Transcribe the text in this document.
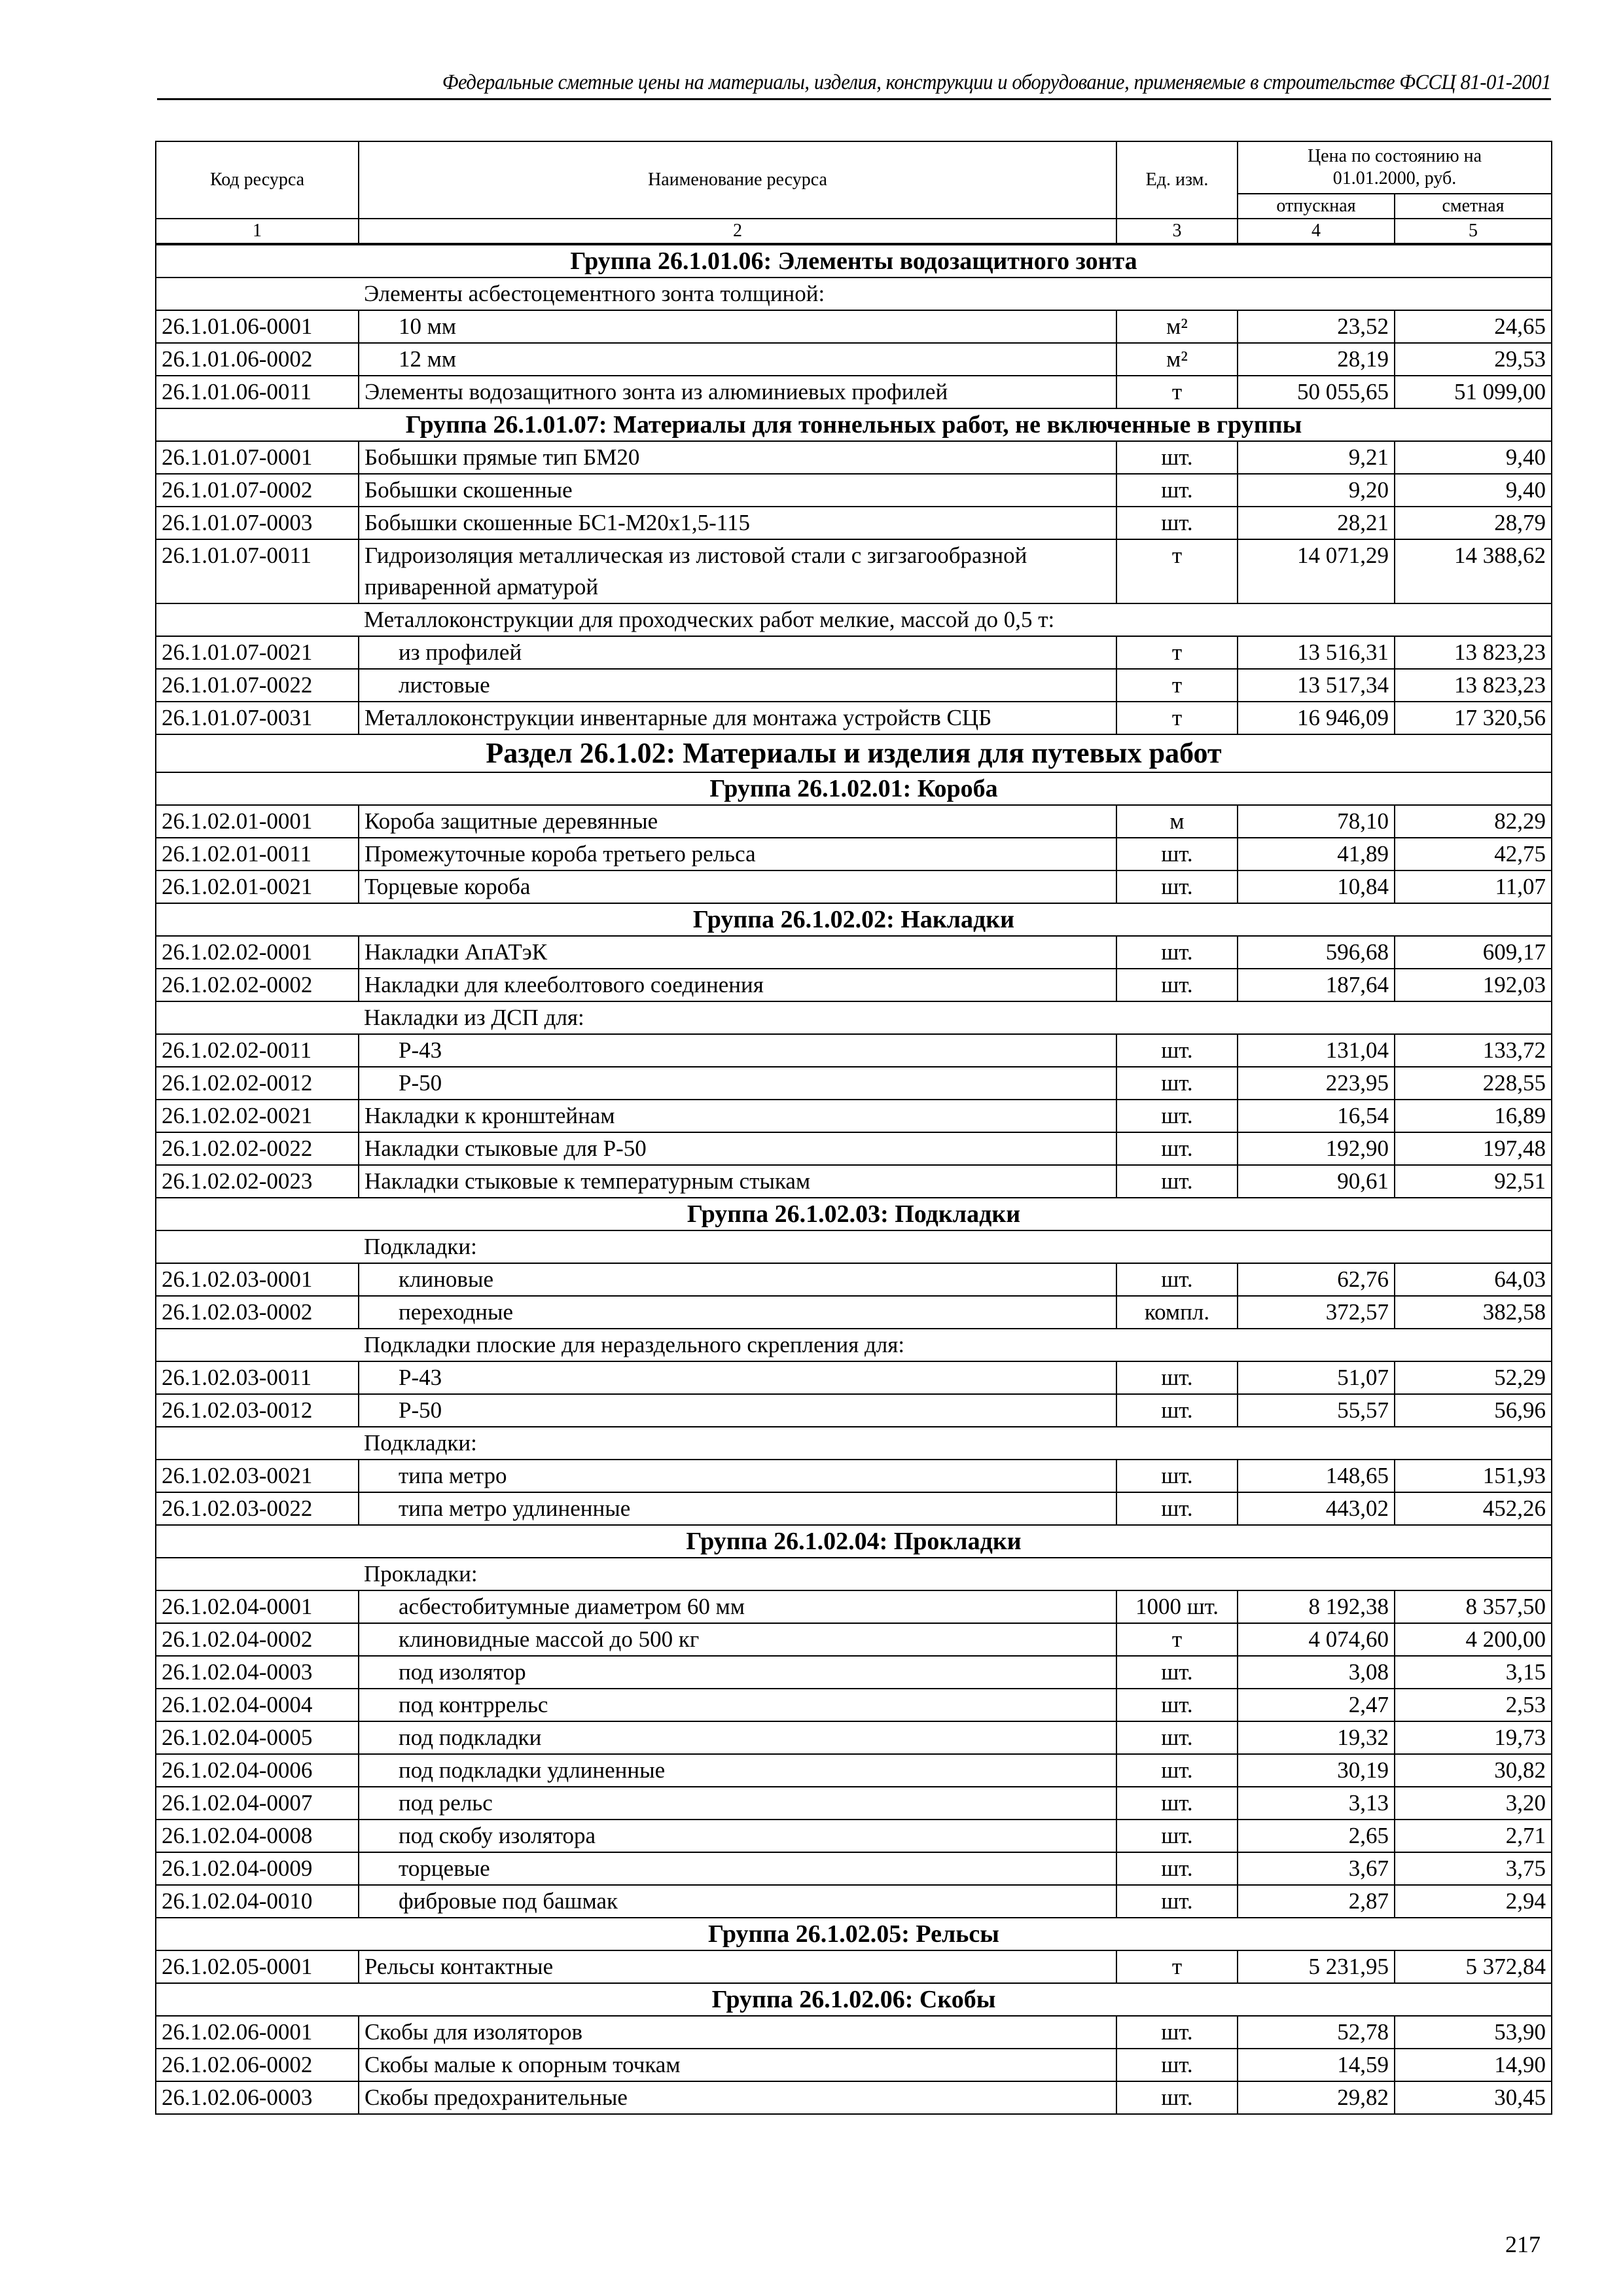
Федеральные сметные цены на материалы, изделия, конструкции и оборудование, применяемые в строительстве ФССЦ 81-01-2001
Код ресурса	Наименование ресурса	Ед. изм.	Цена по состоянию на 01.01.2000, руб.	
			отпускная	сметная
1	2	3	4	5
Группа 26.1.01.06: Элементы водозащитного зонта				
	Элементы асбестоцементного зонта толщиной:			
26.1.01.06-0001	10 мм	м²	23,52	24,65
26.1.01.06-0002	12 мм	м²	28,19	29,53
26.1.01.06-0011	Элементы водозащитного зонта из алюминиевых профилей	т	50 055,65	51 099,00
Группа 26.1.01.07: Материалы для тоннельных работ, не включенные в группы				
26.1.01.07-0001	Бобышки прямые тип БМ20	шт.	9,21	9,40
26.1.01.07-0002	Бобышки скошенные	шт.	9,20	9,40
26.1.01.07-0003	Бобышки скошенные БС1-М20х1,5-115	шт.	28,21	28,79
26.1.01.07-0011	Гидроизоляция металлическая из листовой стали с зигзагообразной приваренной арматурой	т	14 071,29	14 388,62
	Металлоконструкции для проходческих работ мелкие, массой до 0,5 т:			
26.1.01.07-0021	из профилей	т	13 516,31	13 823,23
26.1.01.07-0022	листовые	т	13 517,34	13 823,23
26.1.01.07-0031	Металлоконструкции инвентарные для монтажа устройств СЦБ	т	16 946,09	17 320,56
Раздел 26.1.02: Материалы и изделия для путевых работ				
Группа 26.1.02.01: Короба				
26.1.02.01-0001	Короба защитные деревянные	м	78,10	82,29
26.1.02.01-0011	Промежуточные короба третьего рельса	шт.	41,89	42,75
26.1.02.01-0021	Торцевые короба	шт.	10,84	11,07
Группа 26.1.02.02: Накладки				
26.1.02.02-0001	Накладки АпАТэК	шт.	596,68	609,17
26.1.02.02-0002	Накладки для клееболтового соединения	шт.	187,64	192,03
	Накладки из ДСП для:			
26.1.02.02-0011	Р-43	шт.	131,04	133,72
26.1.02.02-0012	Р-50	шт.	223,95	228,55
26.1.02.02-0021	Накладки к кронштейнам	шт.	16,54	16,89
26.1.02.02-0022	Накладки стыковые для Р-50	шт.	192,90	197,48
26.1.02.02-0023	Накладки стыковые к температурным стыкам	шт.	90,61	92,51
Группа 26.1.02.03: Подкладки				
	Подкладки:			
26.1.02.03-0001	клиновые	шт.	62,76	64,03
26.1.02.03-0002	переходные	компл.	372,57	382,58
	Подкладки плоские для нераздельного скрепления для:			
26.1.02.03-0011	Р-43	шт.	51,07	52,29
26.1.02.03-0012	Р-50	шт.	55,57	56,96
	Подкладки:			
26.1.02.03-0021	типа метро	шт.	148,65	151,93
26.1.02.03-0022	типа метро удлиненные	шт.	443,02	452,26
Группа 26.1.02.04: Прокладки				
	Прокладки:			
26.1.02.04-0001	асбестобитумные диаметром 60 мм	1000 шт.	8 192,38	8 357,50
26.1.02.04-0002	клиновидные массой до 500 кг	т	4 074,60	4 200,00
26.1.02.04-0003	под изолятор	шт.	3,08	3,15
26.1.02.04-0004	под контррельс	шт.	2,47	2,53
26.1.02.04-0005	под подкладки	шт.	19,32	19,73
26.1.02.04-0006	под подкладки удлиненные	шт.	30,19	30,82
26.1.02.04-0007	под рельс	шт.	3,13	3,20
26.1.02.04-0008	под скобу изолятора	шт.	2,65	2,71
26.1.02.04-0009	торцевые	шт.	3,67	3,75
26.1.02.04-0010	фибровые под башмак	шт.	2,87	2,94
Группа 26.1.02.05: Рельсы				
26.1.02.05-0001	Рельсы контактные	т	5 231,95	5 372,84
Группа 26.1.02.06: Скобы				
26.1.02.06-0001	Скобы для изоляторов	шт.	52,78	53,90
26.1.02.06-0002	Скобы малые к опорным точкам	шт.	14,59	14,90
26.1.02.06-0003	Скобы предохранительные	шт.	29,82	30,45
217
